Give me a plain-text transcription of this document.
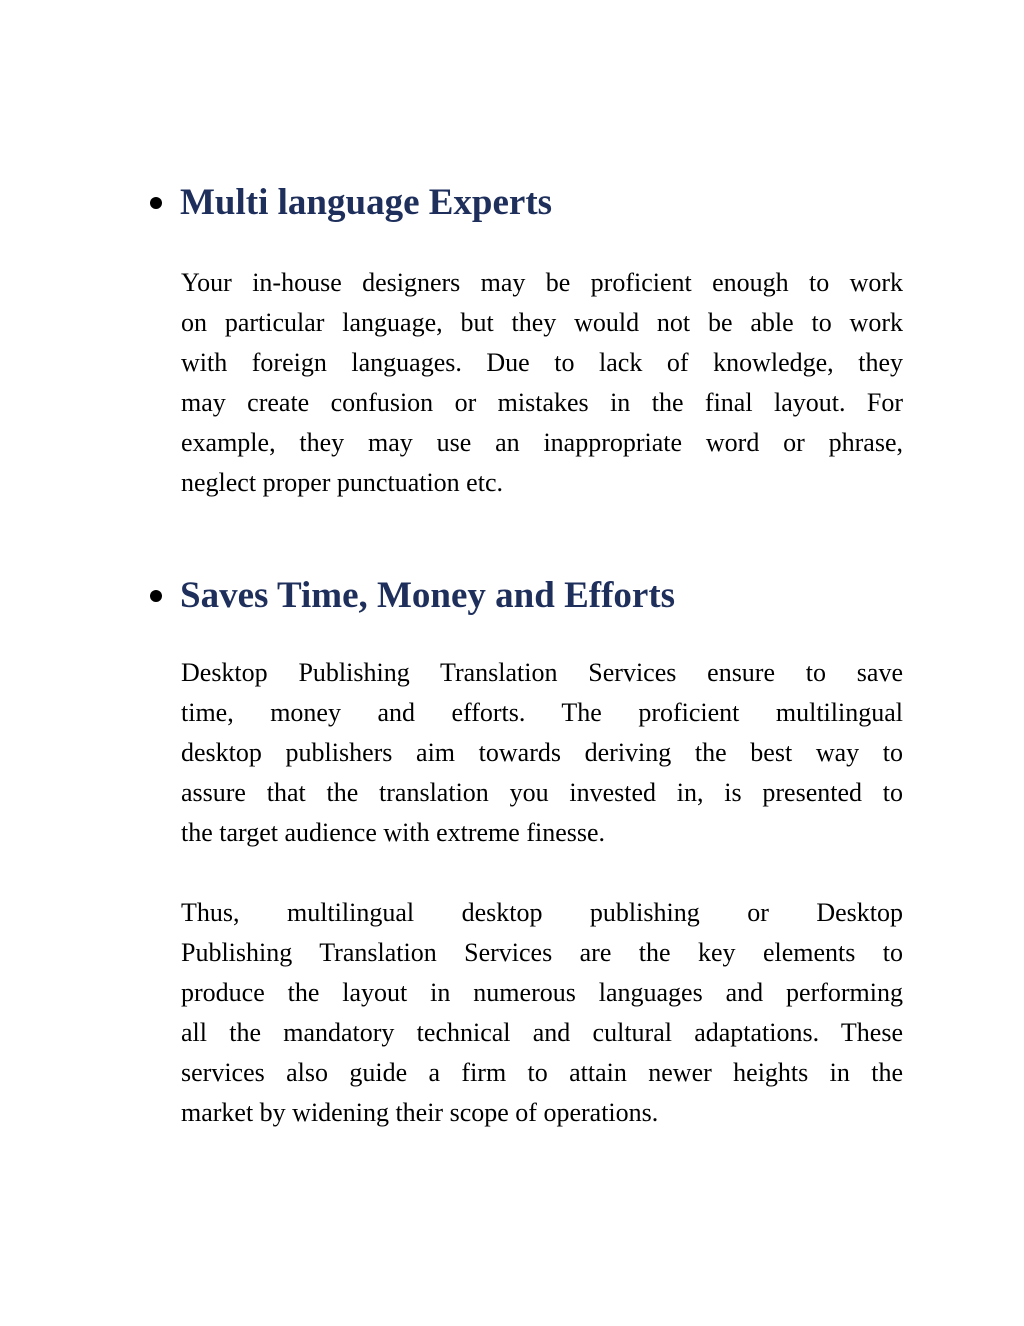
Multi language Experts
Your in-house designers may be proficient enough to work
on particular language, but they would not be able to work
with foreign languages. Due to lack of knowledge, they
may create confusion or mistakes in the final layout. For
example, they may use an inappropriate word or phrase,
neglect proper punctuation etc.
Saves Time, Money and Efforts
Desktop Publishing Translation Services ensure to save
time, money and efforts. The proficient multilingual
desktop publishers aim towards deriving the best way to
assure that the translation you invested in, is presented to
the target audience with extreme finesse.
Thus, multilingual desktop publishing or Desktop
Publishing Translation Services are the key elements to
produce the layout in numerous languages and performing
all the mandatory technical and cultural adaptations. These
services also guide a firm to attain newer heights in the
market by widening their scope of operations.
